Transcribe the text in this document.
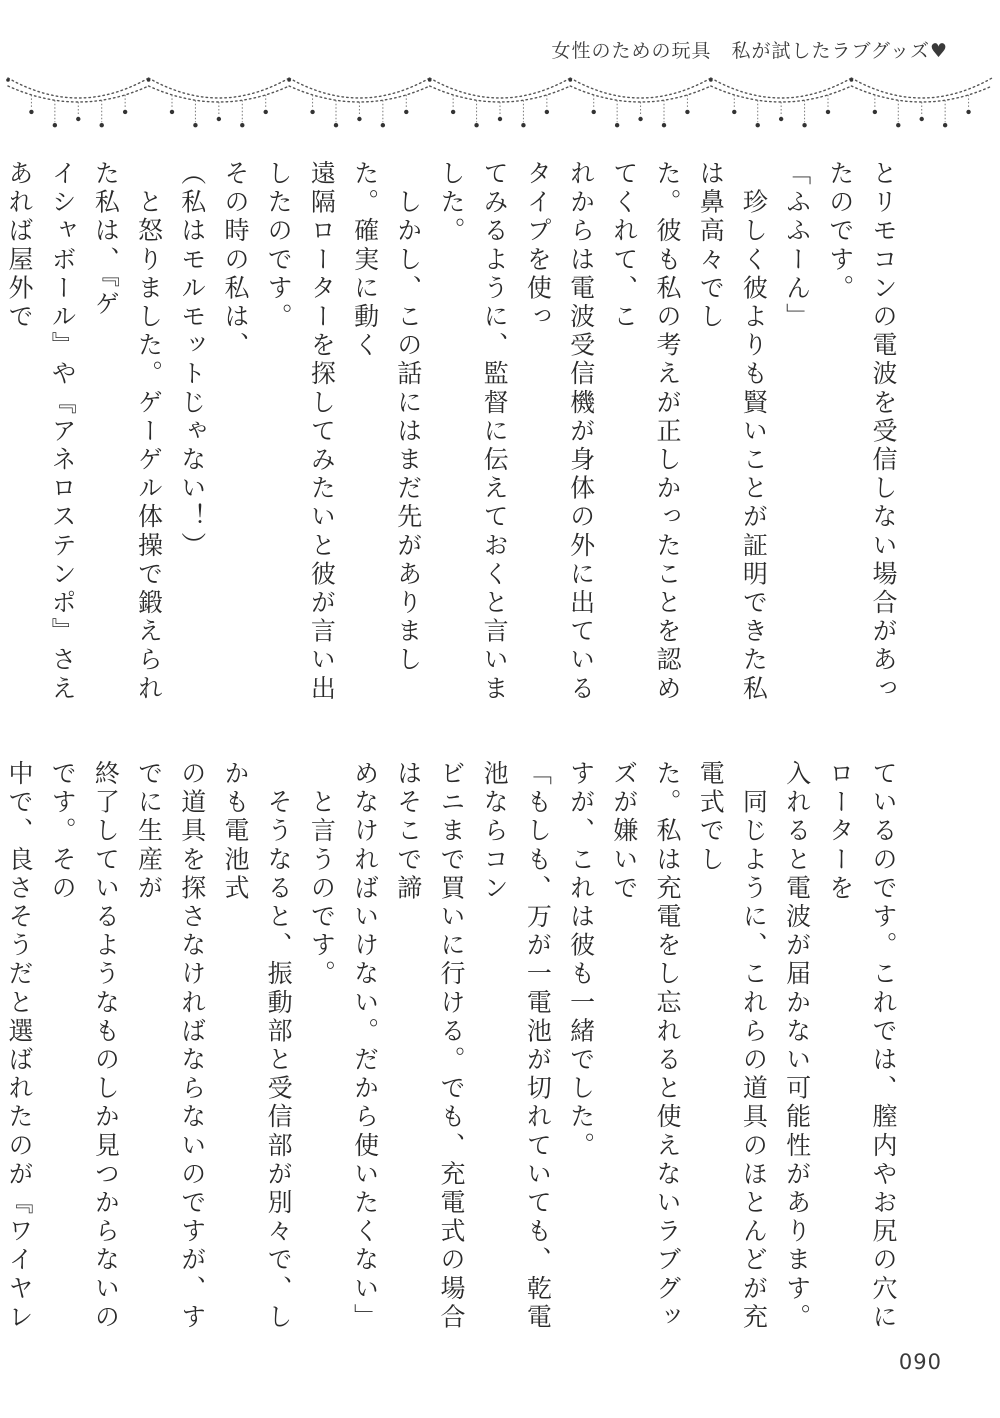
女性のための玩具　私が試したラブグッズ♥

とリモコンの電波を受信しない場合があったのです。

「ふふーん」

　珍しく彼よりも賢いことが証明できた私は鼻高々でし

た。彼も私の考えが正しかったことを認めてくれて、こ

れからは電波受信機が身体の外に出ているタイプを使っ

てみるように、監督に伝えておくと言いました。

　しかし、この話にはまだ先がありました。確実に動く

遠隔ローターを探してみたいと彼が言い出したのです。

その時の私は、

（私はモルモットじゃない！）

　と怒りました。ゲーゲル体操で鍛えられた私は、『ゲ

イシャボール』や『アネロステンポ』さえあれば屋外で

ているのです。これでは、膣内やお尻の穴にローターを

入れると電波が届かない可能性があります。

　同じように、これらの道具のほとんどが充電式でし

た。私は充電をし忘れると使えないラブグッズが嫌いで

すが、これは彼も一緒でした。

「もしも、万が一電池が切れていても、乾電池ならコン

ビニまで買いに行ける。でも、充電式の場合はそこで諦

めなければいけない。だから使いたくない」

　と言うのです。

　そうなると、振動部と受信部が別々で、しかも電池式

の道具を探さなければならないのですが、すでに生産が

終了しているようなものしか見つからないのです。その

中で、良さそうだと選ばれたのが『ワイヤレ

090
